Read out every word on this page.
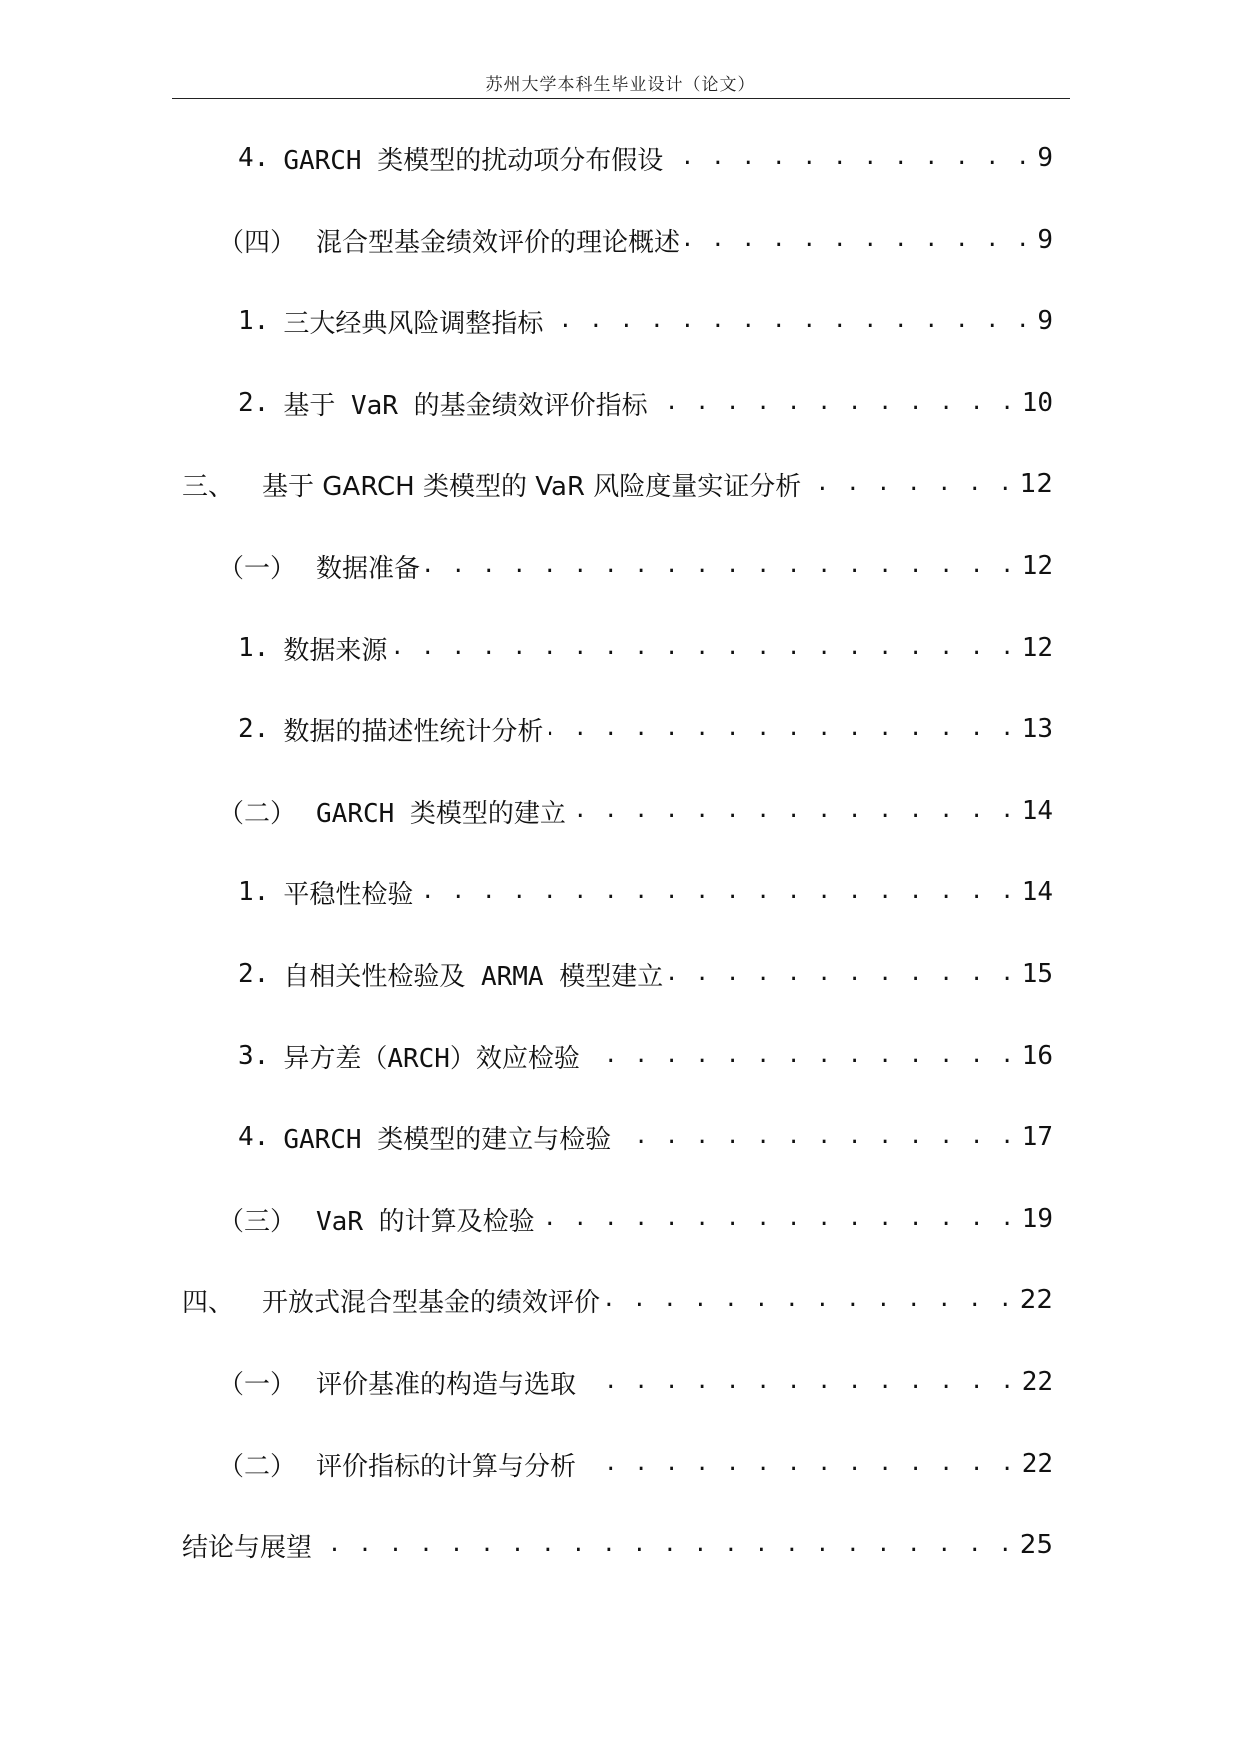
苏州大学本科生毕业设计（论文）
4. GARCH 类模型的扰动项分布假设 . . .	9
（四） 混合型基金绩效评价的理论概述 . . .	9
1. 三大经典风险调整指标 . . .	9
2. 基于 VaR 的基金绩效评价指标 . . .	10
三、 基于 GARCH 类模型的 VaR 风险度量实证分析 . . .	12
（一） 数据准备 . . .	12
1. 数据来源 . . .	12
2. 数据的描述性统计分析 . . .	13
（二） GARCH 类模型的建立 . . .	14
1. 平稳性检验 . . .	14
2. 自相关性检验及 ARMA 模型建立 . . .	15
3. 异方差（ARCH）效应检验 . . .	16
4. GARCH 类模型的建立与检验 . . .	17
（三） VaR 的计算及检验 . . .	19
四、 开放式混合型基金的绩效评价 . . .	22
（一） 评价基准的构造与选取 . . .	22
（二） 评价指标的计算与分析 . . .	22
结论与展望 . . .	25
